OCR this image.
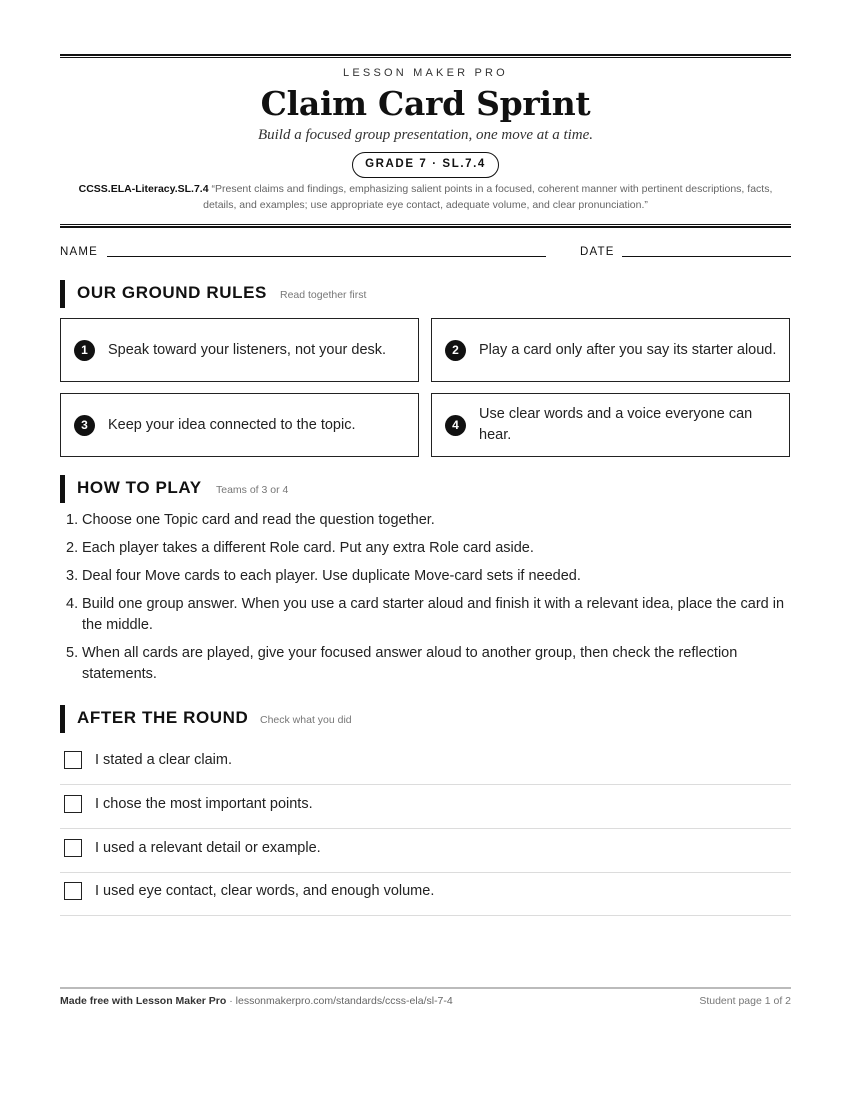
LESSON MAKER PRO
Claim Card Sprint
Build a focused group presentation, one move at a time.
GRADE 7 · SL.7.4
CCSS.ELA-Literacy.SL.7.4 “Present claims and findings, emphasizing salient points in a focused, coherent manner with pertinent descriptions, facts, details, and examples; use appropriate eye contact, adequate volume, and clear pronunciation.”
NAME	DATE
OUR GROUND RULES Read together first
1	Speak toward your listeners, not your desk.	2	Play a card only after you say its starter aloud.
3	Keep your idea connected to the topic.	4
Use clear words and a voice everyone can hear.
HOW TO PLAY Teams of 3 or 4
1. Choose one Topic card and read the question together.
2. Each player takes a different Role card. Put any extra Role card aside.
3. Deal four Move cards to each player. Use duplicate Move-card sets if needed.
4. Build one group answer. When you use a card starter aloud and finish it with a relevant idea, place the card in the middle.
5. When all cards are played, give your focused answer aloud to another group, then check the reflection statements.
AFTER THE ROUND Check what you did
I stated a clear claim.
I chose the most important points.
I used a relevant detail or example.
I used eye contact, clear words, and enough volume.
Made free with Lesson Maker Pro · lessonmakerpro.com/standards/ccss-ela/sl-7-4	Student page 1 of 2
